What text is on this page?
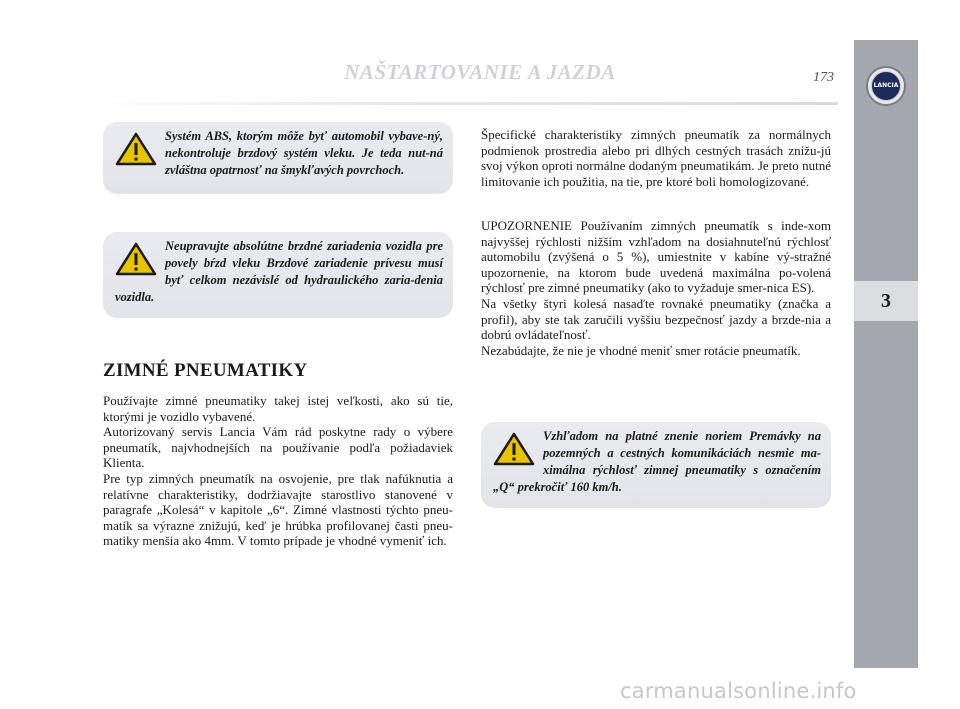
NAŠTARTOVANIE A JAZDA	173
LANCIA
3
Systém ABS, ktorým môže byť automobil vybave-ný, nekontroluje brzdový systém vleku. Je teda nut-ná zvláštna opatrnosť na šmykľavých povrchoch.
Neupravujte absolútne brzdné zariadenia vozidla pre povely bŕzd vleku Brzdové zariadenie prívesu musí byť celkom nezávislé od hydraulického zaria-denia vozidla.
ZIMNÉ PNEUMATIKY

Používajte zimné pneumatiky takej istej veľkosti, ako sú tie, ktorými je vozidlo vybavené.

Autorizovaný servis Lancia Vám rád poskytne rady o výbere pneumatík, najvhodnejších na používanie podľa požiadaviek Klienta.

Pre typ zimných pneumatík na osvojenie, pre tlak nafúknutia a relatívne charakteristiky, dodržiavajte starostlivo stanovené v paragrafe „Kolesá“ v kapitole „6“. Zimné vlastnosti týchto pneu-matík sa výrazne znižujú, keď je hrúbka profilovanej časti pneu-matiky menšia ako 4mm. V tomto prípade je vhodné vymeniť ich.

Špecifické charakteristiky zimných pneumatík za normálnych podmienok prostredia alebo pri dlhých cestných trasách znižu-jú svoj výkon oproti normálne dodaným pneumatikám. Je preto nutné limitovanie ich použitia, na tie, pre ktoré boli homologizované.

UPOZORNENIE Používaním zimných pneumatík s inde-xom najvyššej rýchlosti nižším vzhľadom na dosiahnuteľnú rýchlosť automobilu (zvýšená o 5 %), umiestnite v kabíne vý-stražné upozornenie, na ktorom bude uvedená maximálna po-volená rýchlosť pre zimné pneumatiky (ako to vyžaduje smer-nica ES).

Na všetky štyri kolesá nasaďte rovnaké pneumatiky (značka a profil), aby ste tak zaručili vyššiu bezpečnosť jazdy a brzde-nia a dobrú ovládateľnosť.

Nezabúdajte, že nie je vhodné meniť smer rotácie pneumatík.

Vzhľadom na platné znenie noriem Premávky na pozemných a cestných komunikáciách nesmie ma-ximálna rýchlosť zimnej pneumatiky s označením „Q“ prekročiť 160 km/h.
carmanualsonline.info
